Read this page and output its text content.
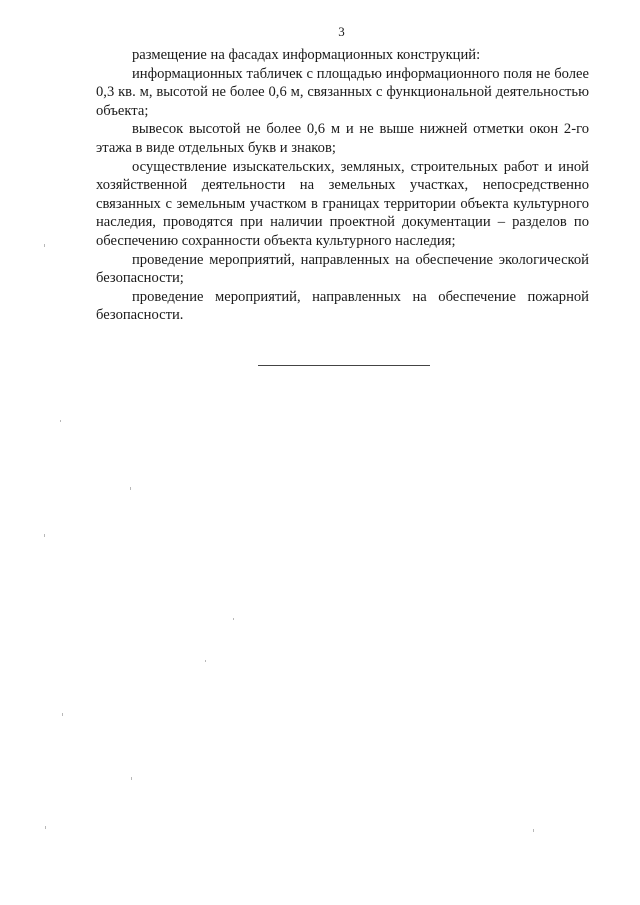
3

размещение на фасадах информационных конструкций:

информационных табличек с площадью информационного поля не более 0,3 кв. м, высотой не более 0,6 м, связанных с функциональной деятельностью объекта;

вывесок высотой не более 0,6 м и не выше нижней отметки окон 2-го этажа в виде отдельных букв и знаков;

осуществление изыскательских, земляных, строительных работ и иной хозяйственной деятельности на земельных участках, непосредственно связанных с земельным участком в границах территории объекта культурного наследия, проводятся при наличии проектной документации – разделов по обеспечению сохранности объекта культурного наследия;

проведение мероприятий, направленных на обеспечение экологической безопасности;

проведение мероприятий, направленных на обеспечение пожарной безопасности.
